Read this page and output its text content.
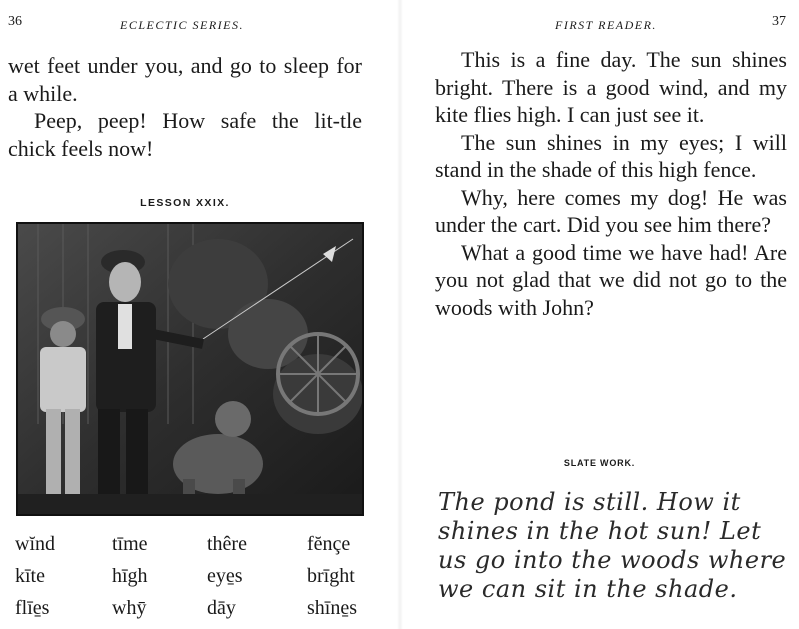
36	ECLECTIC SERIES.

wet feet under you, and go to sleep for a while.

Peep, peep! How safe the lit-tle chick feels now!

LESSON XXIX.
wĭnd	tīme	thêre	fĕnçe
kīte	hīgh	eye̱s	brīght
flīe̱s	whȳ	dāy	shīne̱s
FIRST READER.	37

This is a fine day. The sun shines bright. There is a good wind, and my kite flies high. I can just see it.

The sun shines in my eyes; I will stand in the shade of this high fence.

Why, here comes my dog! He was under the cart. Did you see him there?

What a good time we have had! Are you not glad that we did not go to the woods with John?

SLATE WORK.

The pond is still. How it

shines in the hot sun! Let

us go into the woods where

we can sit in the shade.
